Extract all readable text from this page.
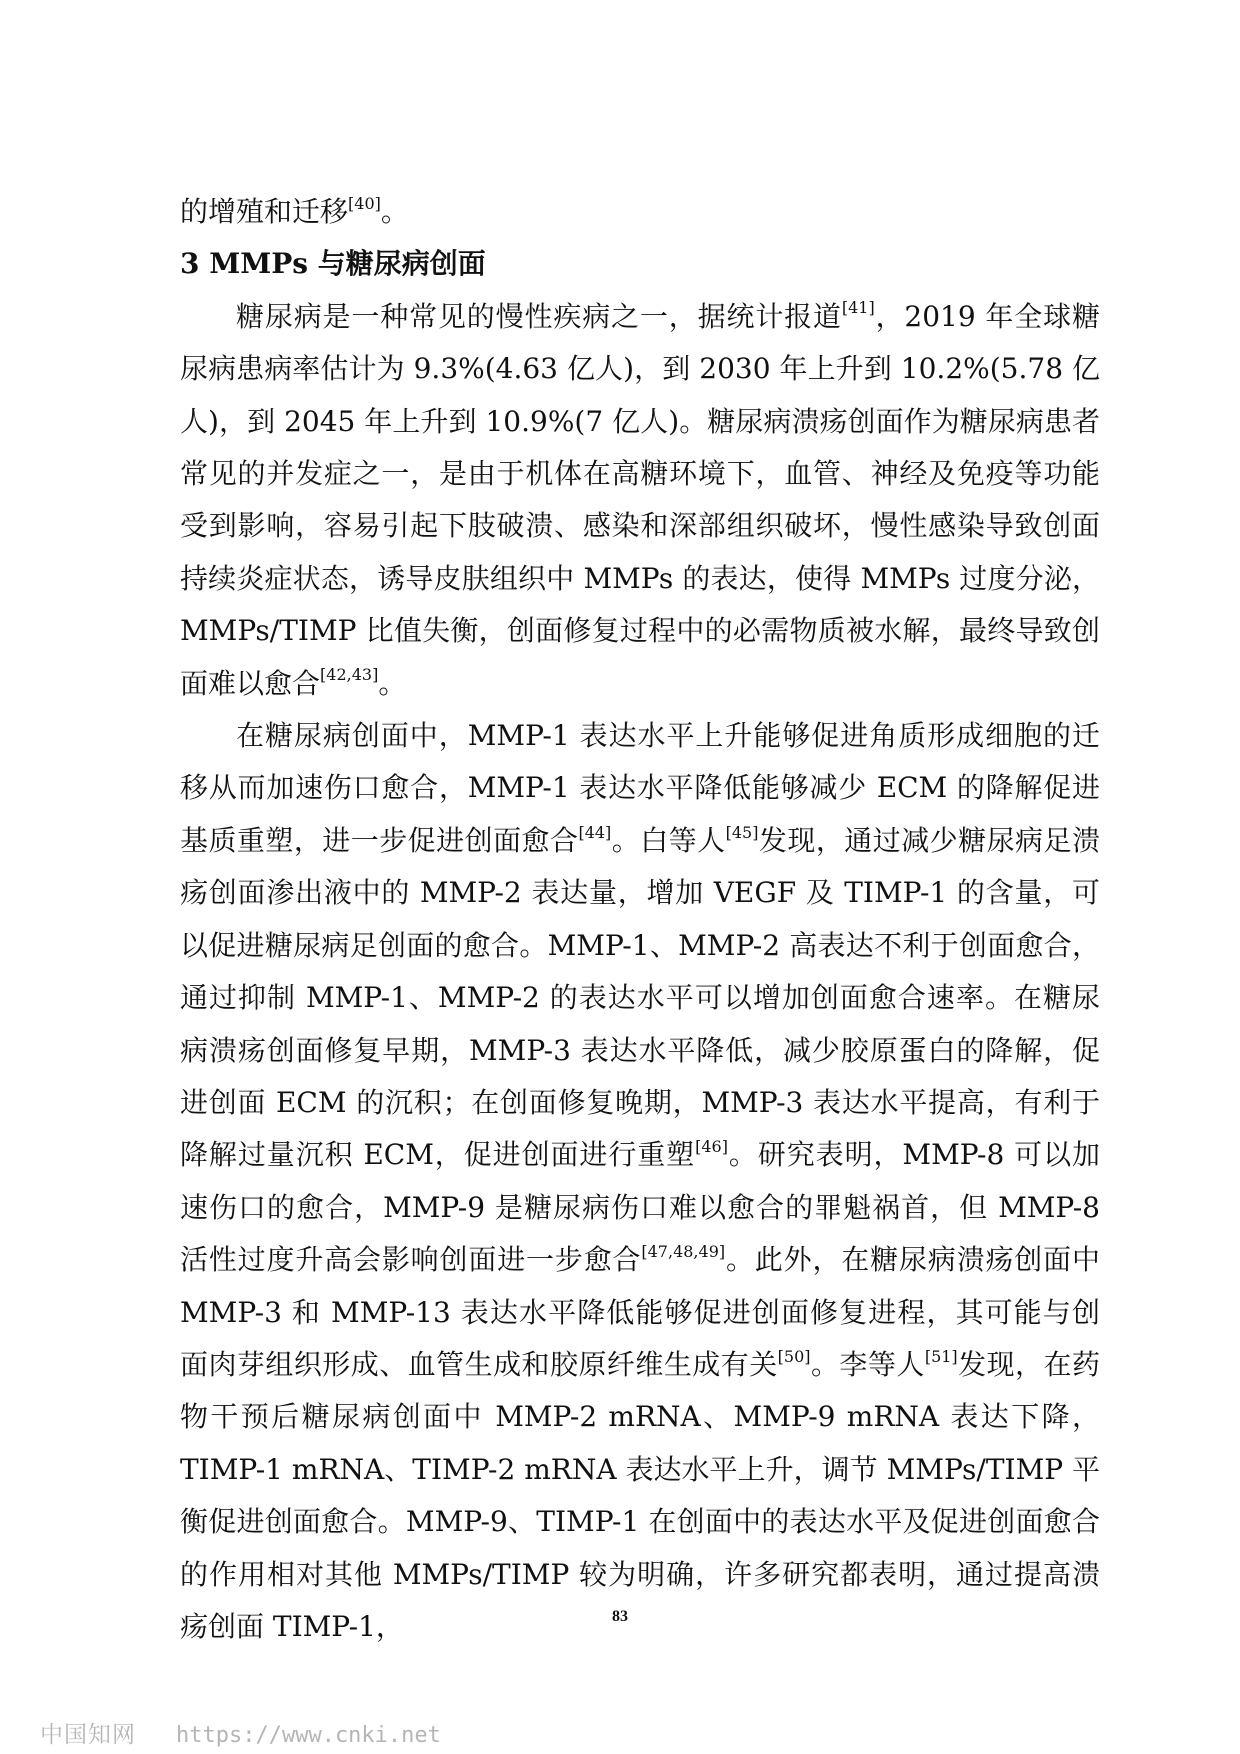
的增殖和迁移[40]。

3 MMPs 与糖尿病创面

糖尿病是一种常见的慢性疾病之一，据统计报道[41]，2019 年全球糖尿病患病率估计为 9.3%(4.63 亿人)，到 2030 年上升到 10.2%(5.78 亿人)，到 2045 年上升到 10.9%(7 亿人)。糖尿病溃疡创面作为糖尿病患者常见的并发症之一，是由于机体在高糖环境下，血管、神经及免疫等功能受到影响，容易引起下肢破溃、感染和深部组织破坏，慢性感染导致创面持续炎症状态，诱导皮肤组织中 MMPs 的表达，使得 MMPs 过度分泌，MMPs/TIMP 比值失衡，创面修复过程中的必需物质被水解，最终导致创面难以愈合[42,43]。

在糖尿病创面中，MMP-1 表达水平上升能够促进角质形成细胞的迁移从而加速伤口愈合，MMP-1 表达水平降低能够减少 ECM 的降解促进基质重塑，进一步促进创面愈合[44]。白等人[45]发现，通过减少糖尿病足溃疡创面渗出液中的 MMP-2 表达量，增加 VEGF 及 TIMP-1 的含量，可以促进糖尿病足创面的愈合。MMP-1、MMP-2 高表达不利于创面愈合，通过抑制 MMP-1、MMP-2 的表达水平可以增加创面愈合速率。在糖尿病溃疡创面修复早期，MMP-3 表达水平降低，减少胶原蛋白的降解，促进创面 ECM 的沉积；在创面修复晚期，MMP-3 表达水平提高，有利于降解过量沉积 ECM，促进创面进行重塑[46]。研究表明，MMP-8 可以加速伤口的愈合，MMP-9 是糖尿病伤口难以愈合的罪魁祸首，但 MMP-8 活性过度升高会影响创面进一步愈合[47,48,49]。此外，在糖尿病溃疡创面中 MMP-3 和 MMP-13 表达水平降低能够促进创面修复进程，其可能与创面肉芽组织形成、血管生成和胶原纤维生成有关[50]。李等人[51]发现，在药物干预后糖尿病创面中 MMP-2 mRNA、MMP-9 mRNA 表达下降，TIMP-1 mRNA、TIMP-2 mRNA 表达水平上升，调节 MMPs/TIMP 平衡促进创面愈合。MMP-9、TIMP-1 在创面中的表达水平及促进创面愈合的作用相对其他 MMPs/TIMP 较为明确，许多研究都表明，通过提高溃疡创面 TIMP-1，	83
中国知网 https://www.cnki.net
